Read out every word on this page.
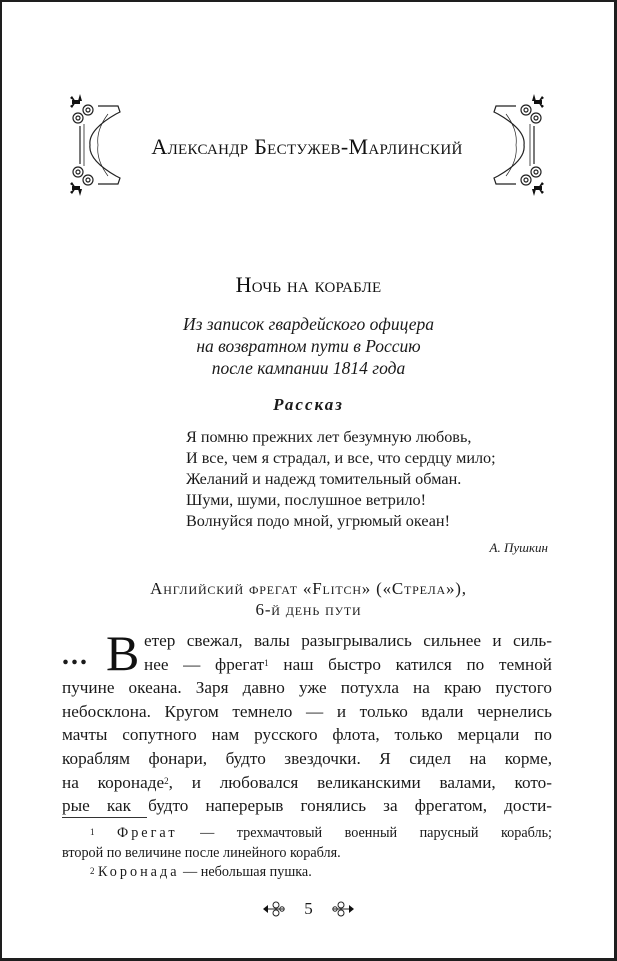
Александр Бестужев-Марлинский
Ночь на корабле
Из записок гвардейского офицера
на возвратном пути в Россию
после кампании 1814 года
Рассказ
Я помню прежних лет безумную любовь,
И все, чем я страдал, и все, что сердцу мило;
Желаний и надежд томительный обман.
Шуми, шуми, послушное ветрило!
Волнуйся подо мной, угрюмый океан!
А. Пушкин
Английский фрегат «Flitch» («Стрела»),
6-й день пути
... В етер свежал, валы разыгрывались сильнее и силь-
нее — фрегат$^1$ наш быстро катился по темной
пучине океана. Заря давно уже потухла на краю пустого
небосклона. Кругом темнело — и только вдали чернелись
мачты сопутного нам русского флота, только мерцали по
кораблям фонари, будто звездочки. Я сидел на корме,
на коронаде$^2$, и любовался великанскими валами, кото-
рые как будто наперерыв гонялись за фрегатом, дости-
$^1$ Фрегат — трехмачтовый военный парусный корабль;
второй по величине после линейного корабля.
$^2$ Коронада — небольшая пушка.
5
